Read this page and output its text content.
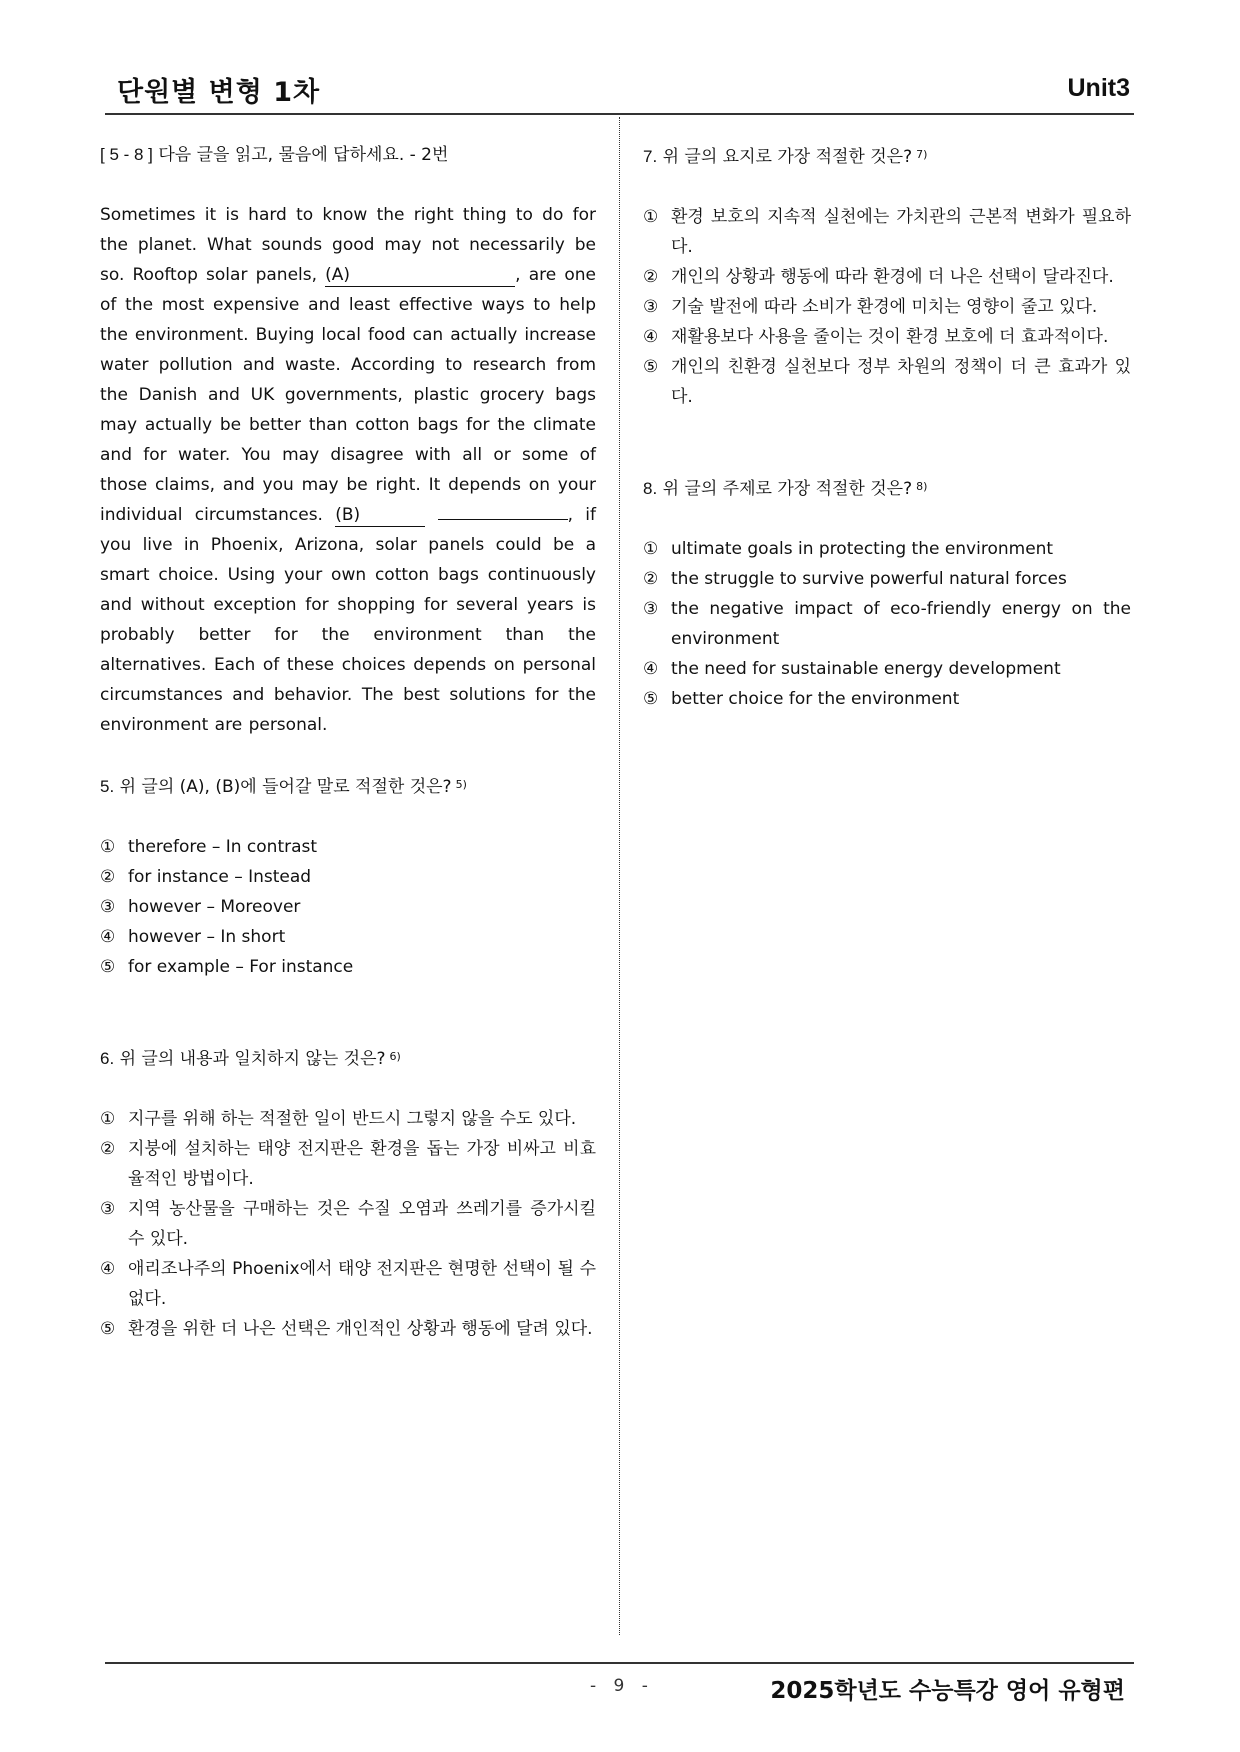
단원별 변형 1차	Unit3
[ 5 - 8 ] 다음 글을 읽고, 물음에 답하세요. - 2번

Sometimes it is hard to know the right thing to do for the planet. What sounds good may not necessarily be so. Rooftop solar panels, (A)	, are one of the most expensive and least effective ways to help the environment. Buying local food can actually increase water pollution and waste. According to research from the Danish and UK governments, plastic grocery bags may actually be better than cotton bags for the climate and for water. You may disagree with all or some of those claims, and you may be right. It depends on your individual circumstances. (B)	, if you live in Phoenix, Arizona, solar panels could be a smart choice. Using your own cotton bags continuously and without exception for shopping for several years is probably better for the environment than the alternatives. Each of these choices depends on personal circumstances and behavior. The best solutions for the environment are personal.

5. 위 글의 (A), (B)에 들어갈 말로 적절한 것은? $^{5)}$
① therefore – In contrast
② for instance – Instead
③ however – Moreover
④ however – In short
⑤ for example – For instance
6. 위 글의 내용과 일치하지 않는 것은? $^{6)}$
① 지구를 위해 하는 적절한 일이 반드시 그렇지 않을 수도 있다.
② 지붕에 설치하는 태양 전지판은 환경을 돕는 가장 비싸고 비효율적인 방법이다.
③ 지역 농산물을 구매하는 것은 수질 오염과 쓰레기를 증가시킬 수 있다.
④ 애리조나주의 Phoenix에서 태양 전지판은 현명한 선택이 될 수 없다.
⑤ 환경을 위한 더 나은 선택은 개인적인 상황과 행동에 달려 있다.
7. 위 글의 요지로 가장 적절한 것은? $^{7)}$
① 환경 보호의 지속적 실천에는 가치관의 근본적 변화가 필요하다.
② 개인의 상황과 행동에 따라 환경에 더 나은 선택이 달라진다.
③ 기술 발전에 따라 소비가 환경에 미치는 영향이 줄고 있다.
④ 재활용보다 사용을 줄이는 것이 환경 보호에 더 효과적이다.
⑤ 개인의 친환경 실천보다 정부 차원의 정책이 더 큰 효과가 있다.
8. 위 글의 주제로 가장 적절한 것은? $^{8)}$
① ultimate goals in protecting the environment
② the struggle to survive powerful natural forces
③ the negative impact of eco-friendly energy on the environment
④ the need for sustainable energy development
⑤ better choice for the environment
- 9 -	2025학년도 수능특강 영어 유형편
